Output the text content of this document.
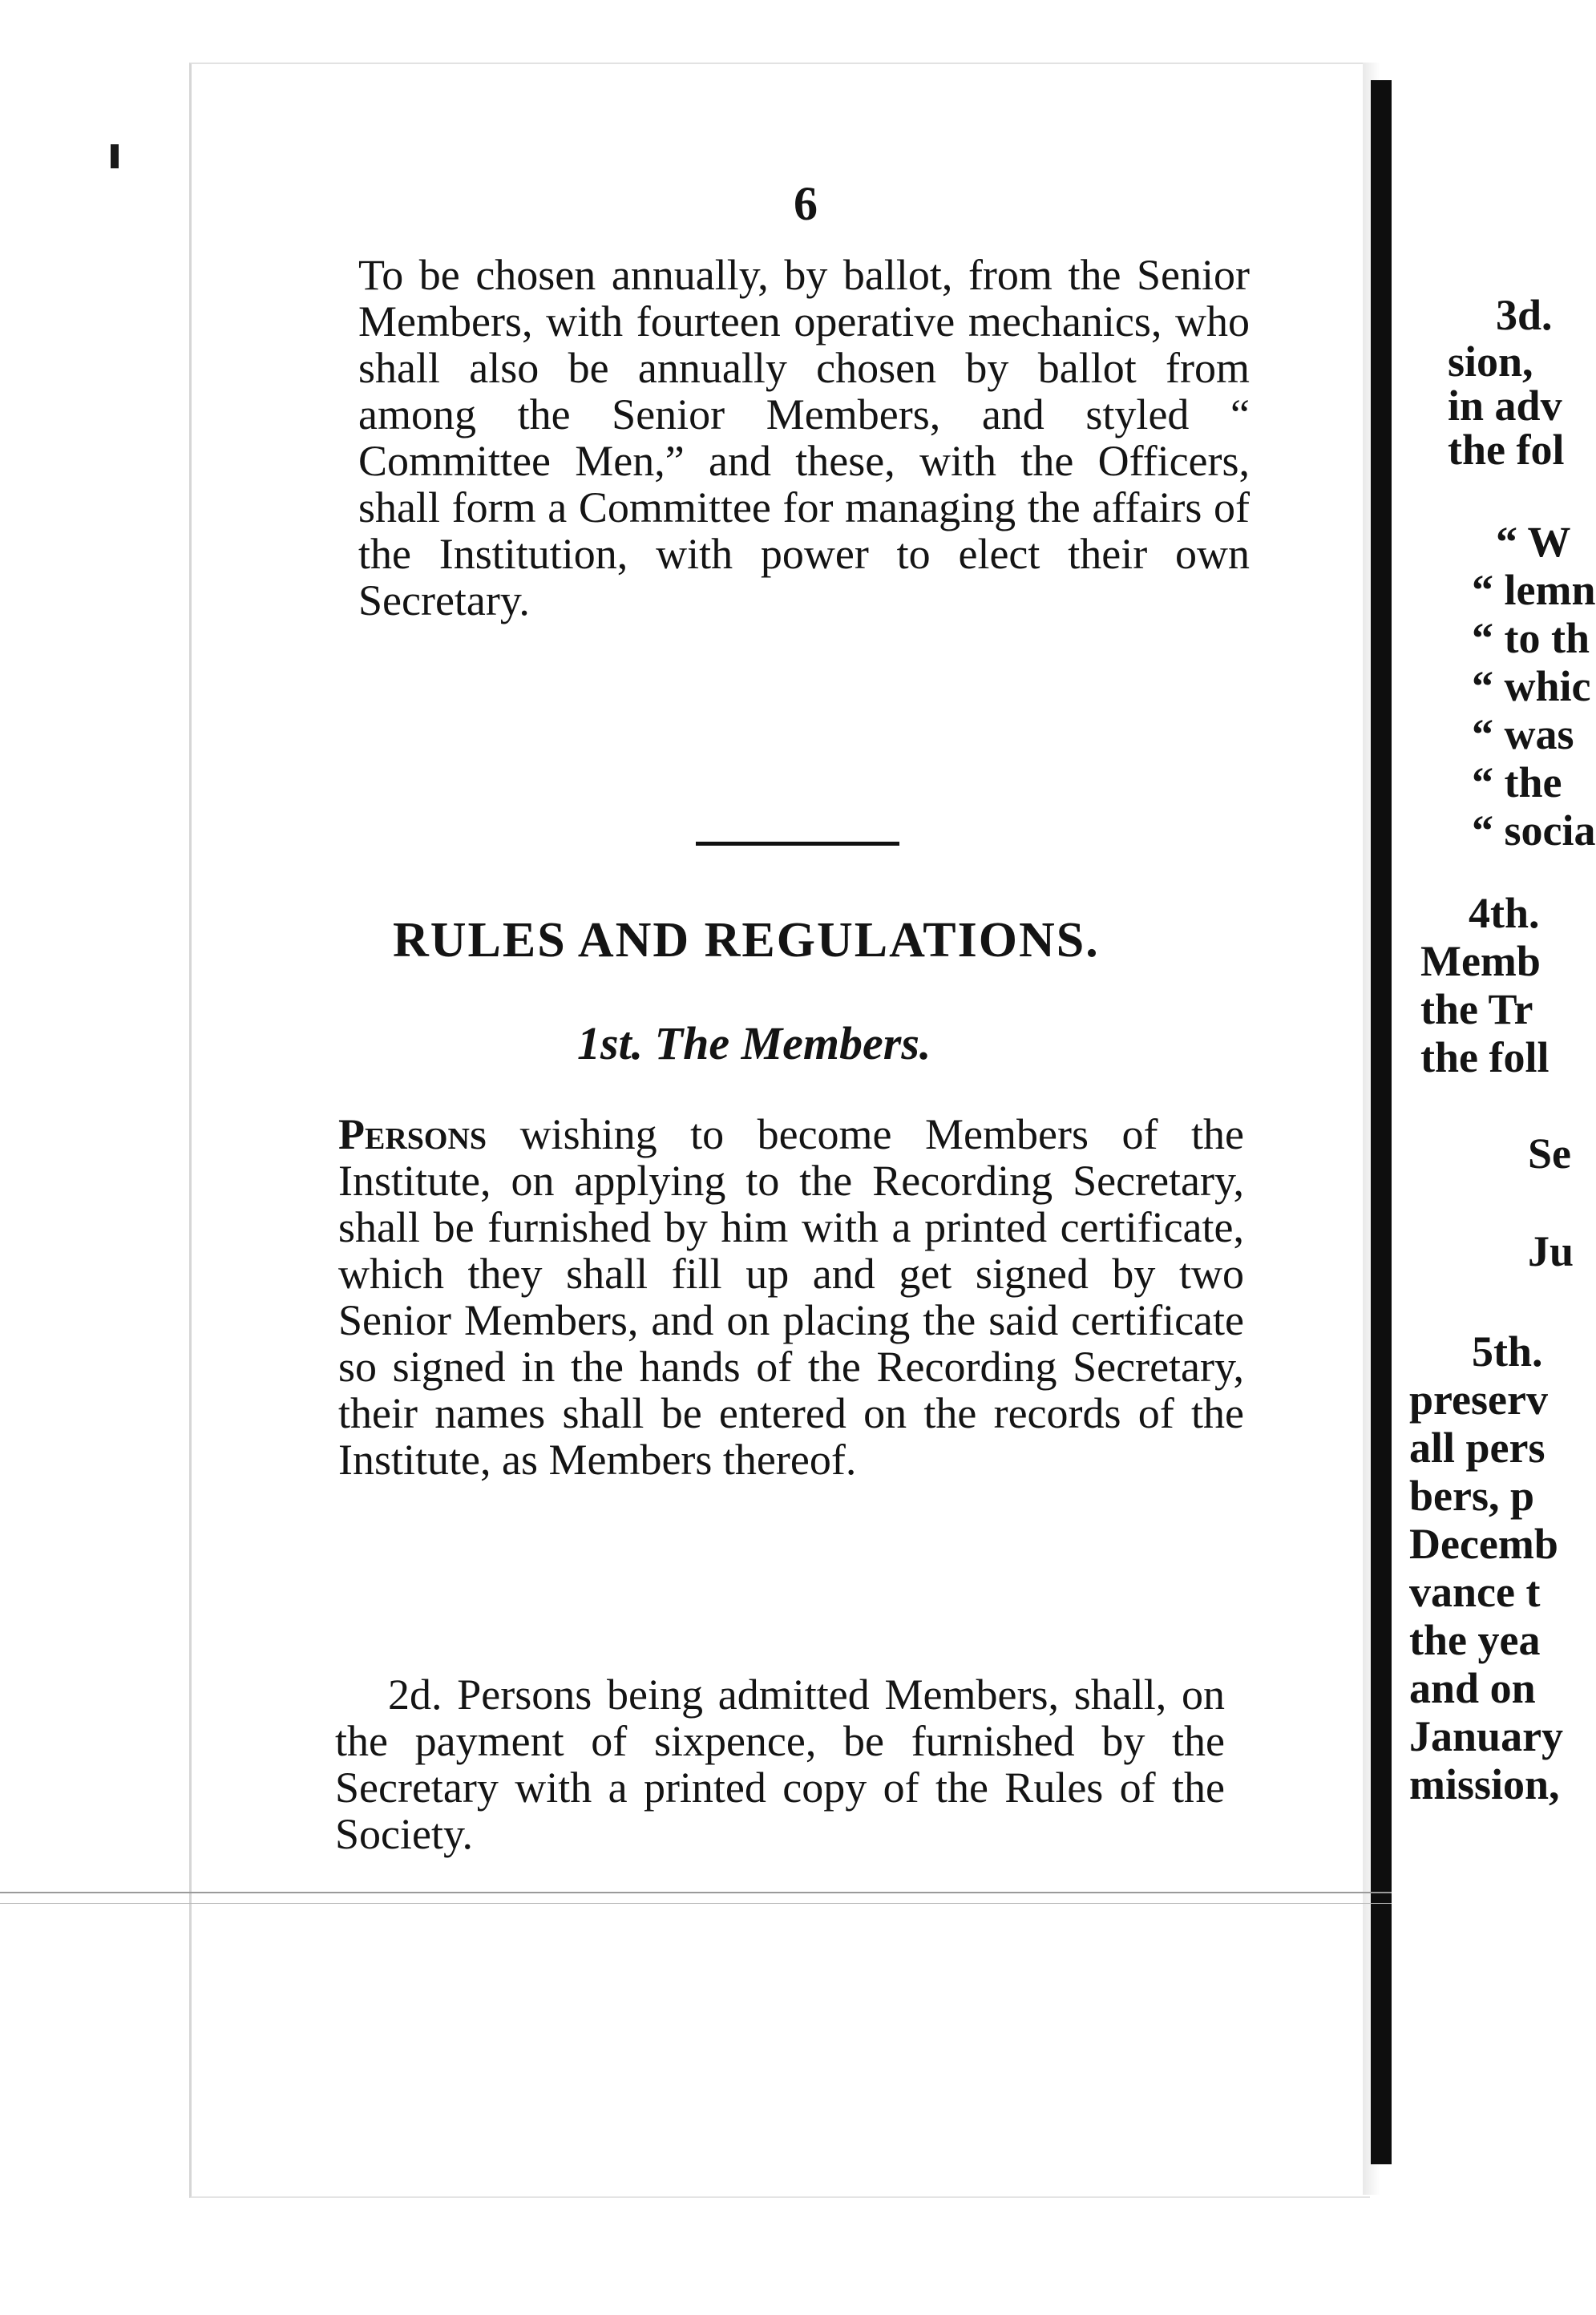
6

To be chosen annually, by ballot, from the Senior Members, with fourteen operative mechanics, who shall also be annually chosen by ballot from among the Senior Members, and styled “ Committee Men,” and these, with the Officers, shall form a Committee for managing the affairs of the Institution, with power to elect their own Secretary.

RULES AND REGULATIONS.
1st. The Members.

Persons wishing to become Members of the Institute, on applying to the Recording Secretary, shall be furnished by him with a printed certificate, which they shall fill up and get signed by two Senior Members, and on placing the said certificate so signed in the hands of the Recording Secretary, their names shall be entered on the records of the Institute, as Members thereof.

2d. Persons being admitted Members, shall, on the payment of sixpence, be furnished by the Secretary with a printed copy of the Rules of the Society.

3d.
sion,
in adv
the fol
“ W
“ lemn
“ to th
“ whic
“ was
“ the
“ socia
4th.
Memb
the Tr
the foll
Se
Ju
5th.
preserv
all pers
bers, p
Decemb
vance t
the yea
and on
January
mission,
